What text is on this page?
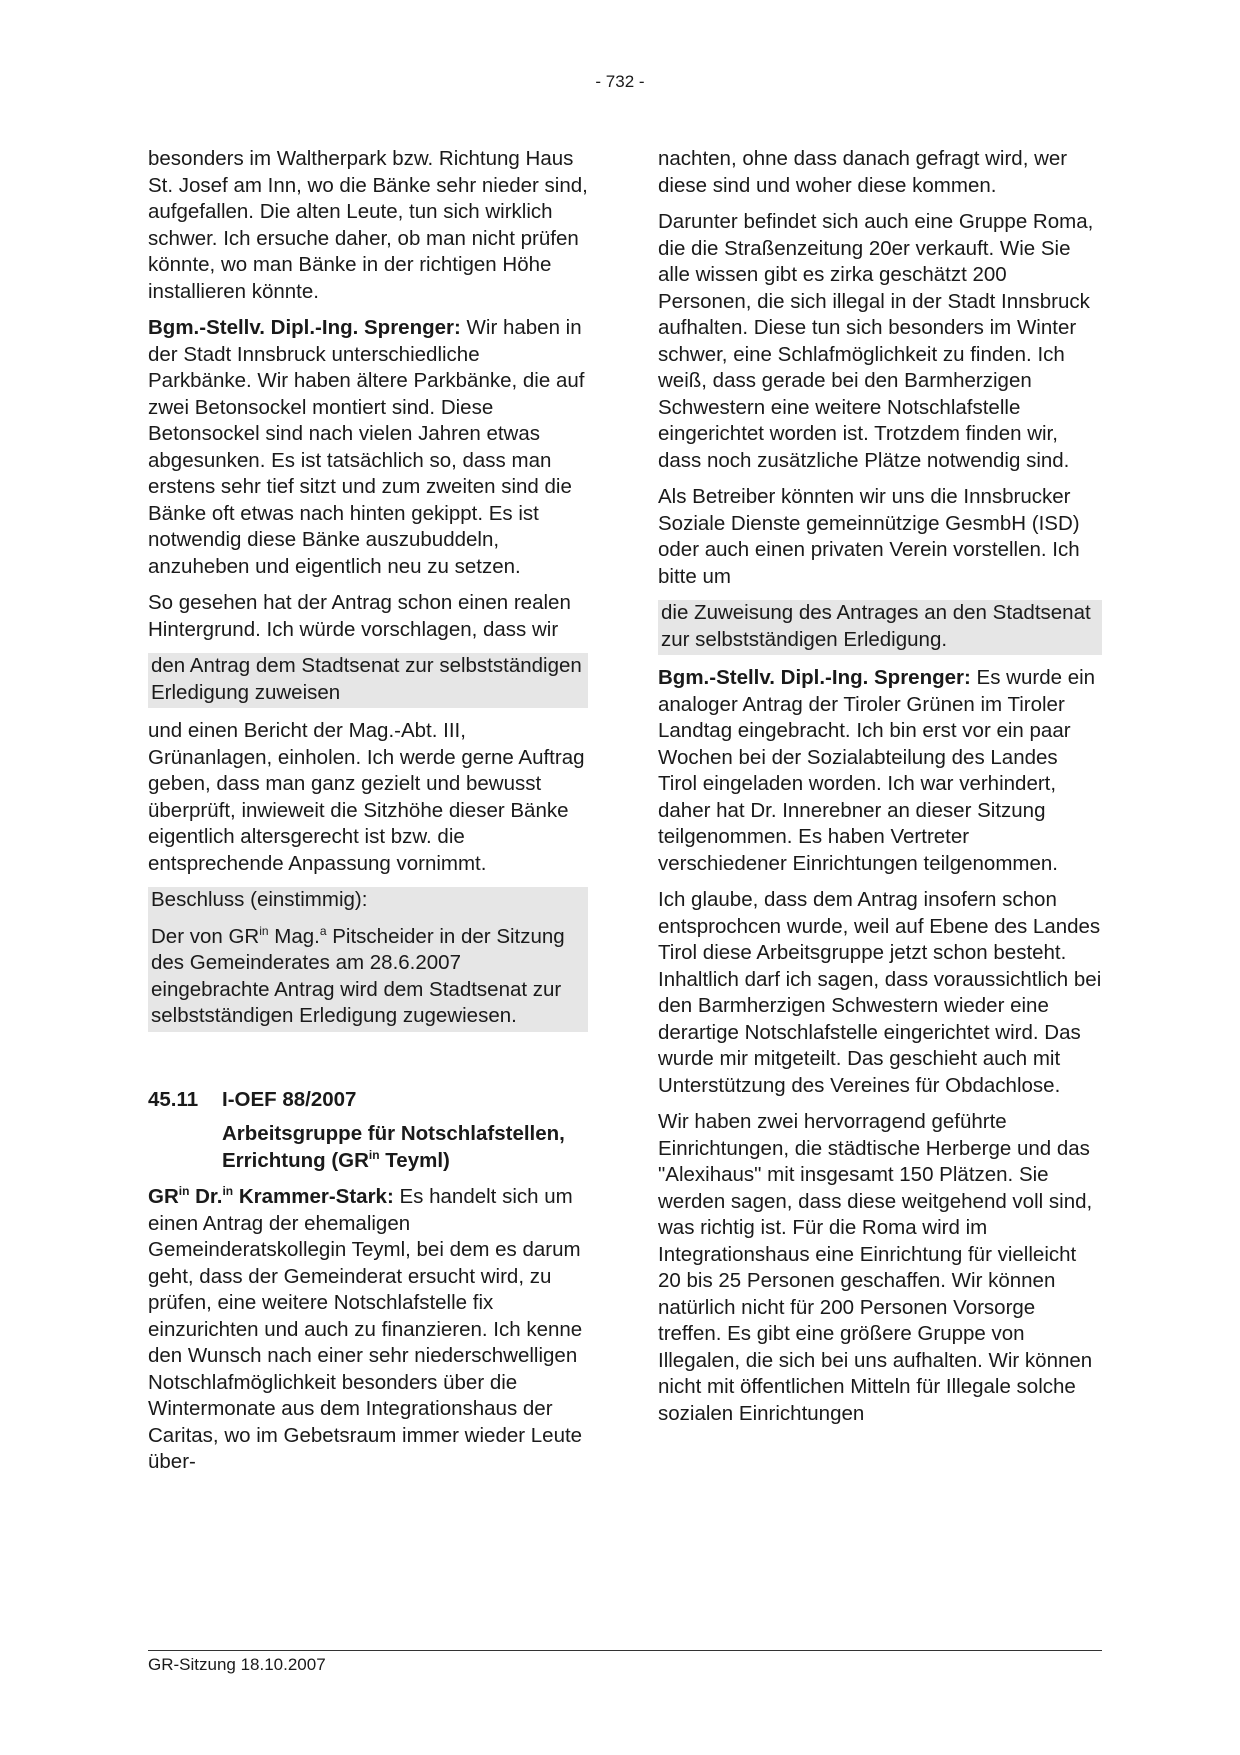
- 732 -

besonders im Waltherpark bzw. Richtung Haus St. Josef am Inn, wo die Bänke sehr nieder sind, aufgefallen. Die alten Leute, tun sich wirklich schwer. Ich ersuche daher, ob man nicht prüfen könnte, wo man Bänke in der richtigen Höhe installieren könnte.

Bgm.-Stellv. Dipl.-Ing. Sprenger: Wir haben in der Stadt Innsbruck unterschiedliche Parkbänke. Wir haben ältere Parkbänke, die auf zwei Betonsockel montiert sind. Diese Betonsockel sind nach vielen Jahren etwas abgesunken. Es ist tatsächlich so, dass man erstens sehr tief sitzt und zum zweiten sind die Bänke oft etwas nach hinten gekippt. Es ist notwendig diese Bänke auszubuddeln, anzuheben und eigentlich neu zu setzen.

So gesehen hat der Antrag schon einen realen Hintergrund. Ich würde vorschlagen, dass wir

den Antrag dem Stadtsenat zur selbstständigen Erledigung zuweisen

und einen Bericht der Mag.-Abt. III, Grünanlagen, einholen. Ich werde gerne Auftrag geben, dass man ganz gezielt und bewusst überprüft, inwieweit die Sitzhöhe dieser Bänke eigentlich altersgerecht ist bzw. die entsprechende Anpassung vornimmt.

Beschluss (einstimmig):

Der von $GR^{in}$ Mag.$^a$ Pitscheider in der Sitzung des Gemeinderates am 28.6.2007 eingebrachte Antrag wird dem Stadtsenat zur selbstständigen Erledigung zugewiesen.

45.11	I-OEF 88/2007
Arbeitsgruppe für Notschlafstellen, Errichtung ($GR^{in}$ Teyml)

$GR^{in}$ Dr.$^{in}$ Krammer-Stark: Es handelt sich um einen Antrag der ehemaligen Gemeinderatskollegin Teyml, bei dem es darum geht, dass der Gemeinderat ersucht wird, zu prüfen, eine weitere Notschlafstelle fix einzurichten und auch zu finanzieren. Ich kenne den Wunsch nach einer sehr niederschwelligen Notschlafmöglichkeit besonders über die Wintermonate aus dem Integrationshaus der Caritas, wo im Gebetsraum immer wieder Leute über-

nachten, ohne dass danach gefragt wird, wer diese sind und woher diese kommen.

Darunter befindet sich auch eine Gruppe Roma, die die Straßenzeitung 20er verkauft. Wie Sie alle wissen gibt es zirka geschätzt 200 Personen, die sich illegal in der Stadt Innsbruck aufhalten. Diese tun sich besonders im Winter schwer, eine Schlafmöglichkeit zu finden. Ich weiß, dass gerade bei den Barmherzigen Schwestern eine weitere Notschlafstelle eingerichtet worden ist. Trotzdem finden wir, dass noch zusätzliche Plätze notwendig sind.

Als Betreiber könnten wir uns die Innsbrucker Soziale Dienste gemeinnützige GesmbH (ISD) oder auch einen privaten Verein vorstellen. Ich bitte um

die Zuweisung des Antrages an den Stadtsenat zur selbstständigen Erledigung.

Bgm.-Stellv. Dipl.-Ing. Sprenger: Es wurde ein analoger Antrag der Tiroler Grünen im Tiroler Landtag eingebracht. Ich bin erst vor ein paar Wochen bei der Sozialabteilung des Landes Tirol eingeladen worden. Ich war verhindert, daher hat Dr. Innerebner an dieser Sitzung teilgenommen. Es haben Vertreter verschiedener Einrichtungen teilgenommen.

Ich glaube, dass dem Antrag insofern schon entsprochcen wurde, weil auf Ebene des Landes Tirol diese Arbeitsgruppe jetzt schon besteht. Inhaltlich darf ich sagen, dass voraussichtlich bei den Barmherzigen Schwestern wieder eine derartige Notschlafstelle eingerichtet wird. Das wurde mir mitgeteilt. Das geschieht auch mit Unterstützung des Vereines für Obdachlose.

Wir haben zwei hervorragend geführte Einrichtungen, die städtische Herberge und das "Alexihaus" mit insgesamt 150 Plätzen. Sie werden sagen, dass diese weitgehend voll sind, was richtig ist. Für die Roma wird im Integrationshaus eine Einrichtung für vielleicht 20 bis 25 Personen geschaffen. Wir können natürlich nicht für 200 Personen Vorsorge treffen. Es gibt eine größere Gruppe von Illegalen, die sich bei uns aufhalten. Wir können nicht mit öffentlichen Mitteln für Illegale solche sozialen Einrichtungen

GR-Sitzung 18.10.2007
